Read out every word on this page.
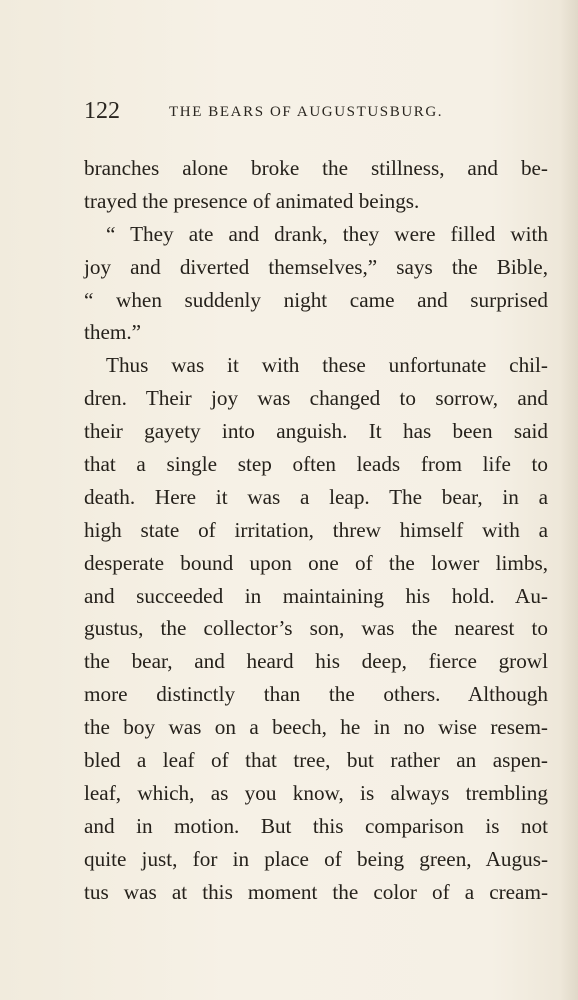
122	THE BEARS OF AUGUSTUSBURG.
branches alone broke the stillness, and be-
trayed the presence of animated beings.
“ They ate and drank, they were filled with
joy and diverted themselves,” says the Bible,
“ when suddenly night came and surprised
them.”
Thus was it with these unfortunate chil-
dren. Their joy was changed to sorrow, and
their gayety into anguish. It has been said
that a single step often leads from life to
death. Here it was a leap. The bear, in a
high state of irritation, threw himself with a
desperate bound upon one of the lower limbs,
and succeeded in maintaining his hold. Au-
gustus, the collector’s son, was the nearest to
the bear, and heard his deep, fierce growl
more distinctly than the others. Although
the boy was on a beech, he in no wise resem-
bled a leaf of that tree, but rather an aspen-
leaf, which, as you know, is always trembling
and in motion. But this comparison is not
quite just, for in place of being green, Augus-
tus was at this moment the color of a cream-
